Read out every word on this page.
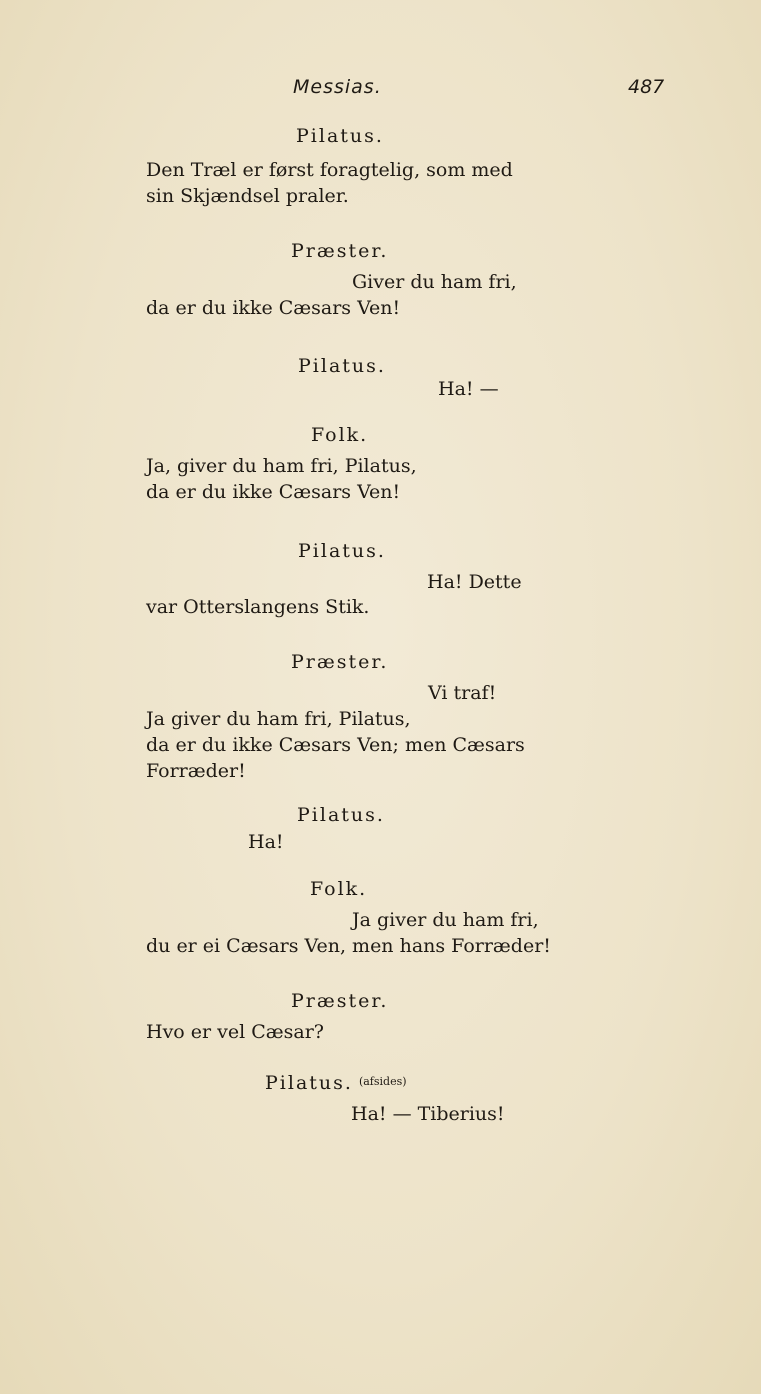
Messias.	487
Pilatus.
Den Træl er først foragtelig, som med
sin Skjændsel praler.
Præster.
Giver du ham fri,
da er du ikke Cæsars Ven!
Pilatus.
Ha! —
Folk.
Ja, giver du ham fri, Pilatus,
da er du ikke Cæsars Ven!
Pilatus.
Ha! Dette
var Otterslangens Stik.
Præster.
Vi traf!
Ja giver du ham fri, Pilatus,
da er du ikke Cæsars Ven; men Cæsars
Forræder!
Pilatus.
Ha!
Folk.
Ja giver du ham fri,
du er ei Cæsars Ven, men hans Forræder!
Præster.
Hvo er vel Cæsar?
Pilatus. $^{(afsides)}$
Ha! — Tiberius!
